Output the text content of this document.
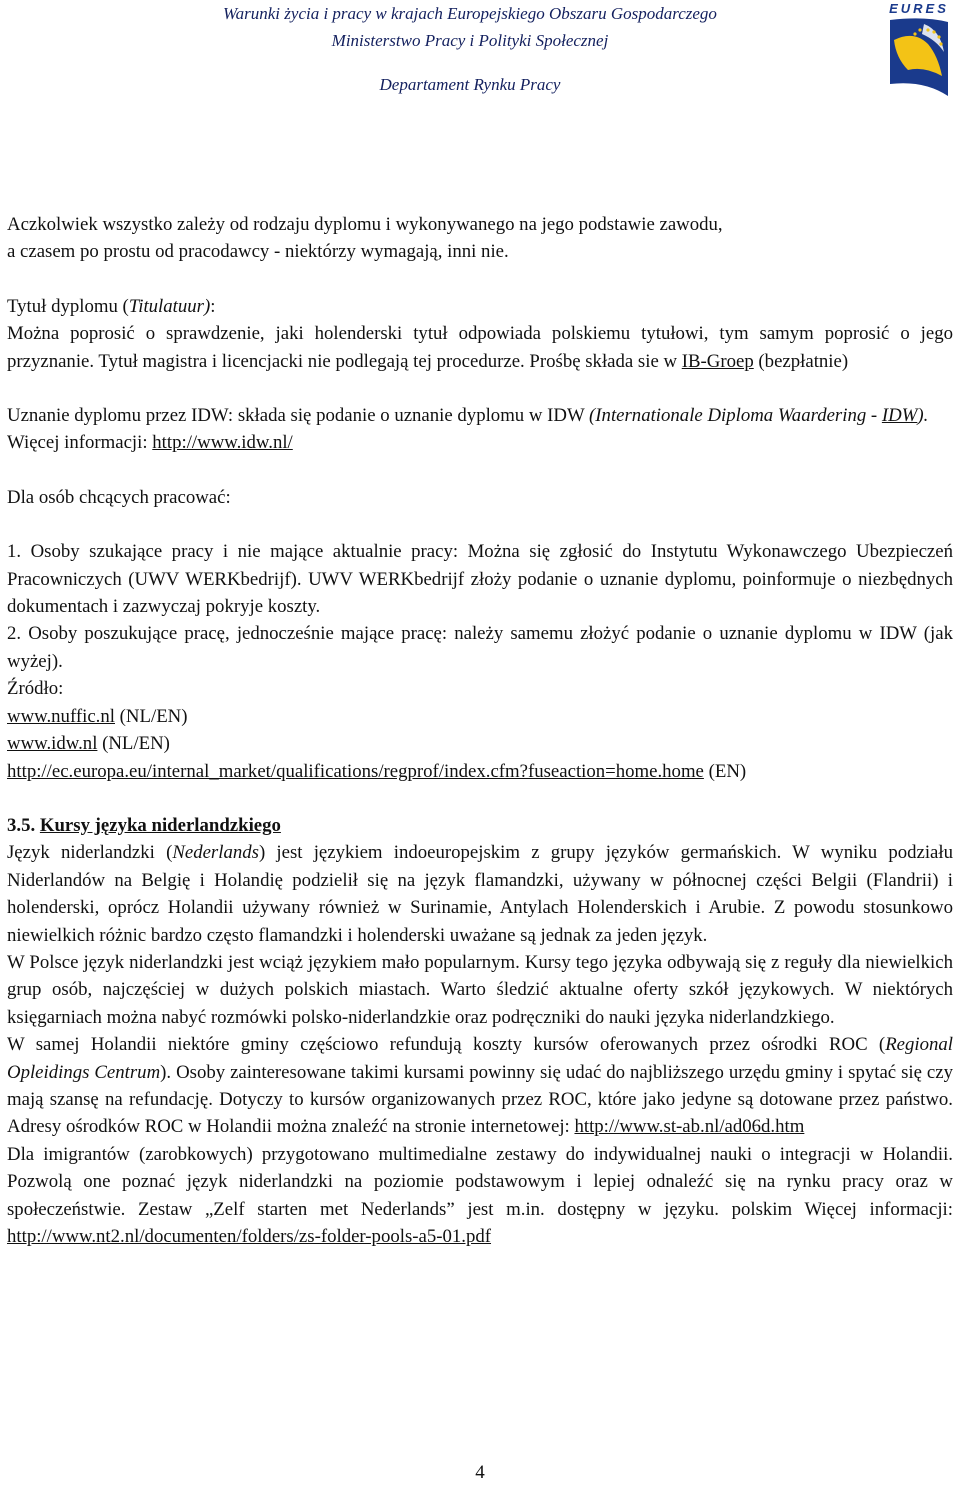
Warunki życia i pracy w krajach Europejskiego Obszaru Gospodarczego
Ministerstwo Pracy i Polityki Społecznej
Departament Rynku Pracy
EURES

Aczkolwiek wszystko zależy od rodzaju dyplomu i wykonywanego na jego podstawie zawodu,
a czasem po prostu od pracodawcy - niektórzy wymagają, inni nie.

Tytuł dyplomu (Titulatuur):

Można poprosić o sprawdzenie, jaki holenderski tytuł odpowiada polskiemu tytułowi, tym samym poprosić o jego przyznanie. Tytuł magistra i licencjacki nie podlegają tej procedurze. Prośbę składa sie w IB-Groep (bezpłatnie)

Uznanie dyplomu przez IDW: składa się podanie o uznanie dyplomu w IDW (Internationale Diploma Waardering - IDW).
Więcej informacji: http://www.idw.nl/

Dla osób chcących pracować:

1. Osoby szukające pracy i nie mające aktualnie pracy: Można się zgłosić do Instytutu Wykonawczego Ubezpieczeń Pracowniczych (UWV WERKbedrijf). UWV WERKbedrijf złoży podanie o uznanie dyplomu, poinformuje o niezbędnych dokumentach i zazwyczaj pokryje koszty.

2. Osoby poszukujące pracę, jednocześnie mające pracę: należy samemu złożyć podanie o uznanie dyplomu w IDW (jak wyżej).

Źródło:

www.nuffic.nl (NL/EN)

www.idw.nl (NL/EN)

http://ec.europa.eu/internal_market/qualifications/regprof/index.cfm?fuseaction=home.home (EN)

3.5. Kursy języka niderlandzkiego

Język niderlandzki (Nederlands) jest językiem indoeuropejskim z grupy języków germańskich. W wyniku podziału Niderlandów na Belgię i Holandię podzielił się na język flamandzki, używany w północnej części Belgii (Flandrii) i holenderski, oprócz Holandii używany również w Surinamie, Antylach Holenderskich i Arubie. Z powodu stosunkowo niewielkich różnic bardzo często flamandzki i holenderski uważane są jednak za jeden język.

W Polsce język niderlandzki jest wciąż językiem mało popularnym. Kursy tego języka odbywają się z reguły dla niewielkich grup osób, najczęściej w dużych polskich miastach. Warto śledzić aktualne oferty szkół językowych. W niektórych księgarniach można nabyć rozmówki polsko-niderlandzkie oraz podręczniki do nauki języka niderlandzkiego.

W samej Holandii niektóre gminy częściowo refundują koszty kursów oferowanych przez ośrodki ROC (Regional Opleidings Centrum). Osoby zainteresowane takimi kursami powinny się udać do najbliższego urzędu gminy i spytać się czy mają szansę na refundację. Dotyczy to kursów organizowanych przez ROC, które jako jedyne są dotowane przez państwo. Adresy ośrodków ROC w Holandii można znaleźć na stronie internetowej: http://www.st-ab.nl/ad06d.htm

Dla imigrantów (zarobkowych) przygotowano multimedialne zestawy do indywidualnej nauki o integracji w Holandii. Pozwolą one poznać język niderlandzki na poziomie podstawowym i lepiej odnaleźć się na rynku pracy oraz w społeczeństwie. Zestaw „Zelf starten met Nederlands” jest m.in. dostępny w języku. polskim Więcej informacji: http://www.nt2.nl/documenten/folders/zs-folder-pools-a5-01.pdf

4
